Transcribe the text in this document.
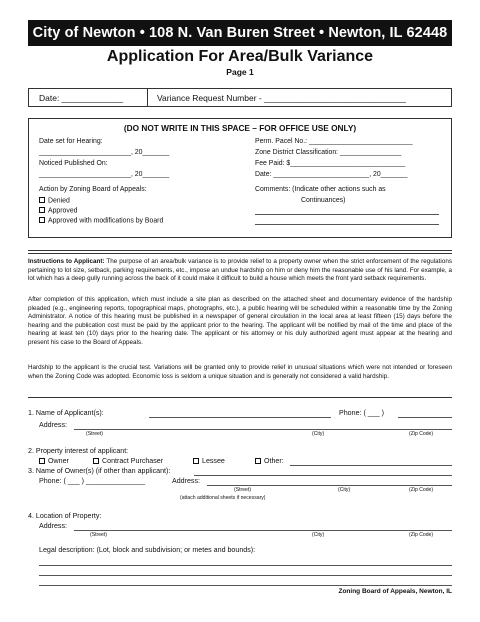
City of Newton • 108 N. Van Buren Street • Newton, IL 62448
Application For Area/Bulk Variance
Page 1
Date: _____________	Variance Request Number - ______________________________
(DO NOT WRITE IN THIS SPACE – FOR OFFICE USE ONLY)
Date set for Hearing:
________________________, 20_______
Noticed Published On:
________________________, 20_______
Action by Zoning Board of Appeals:
Denied
Approved
Approved with modifications by Board
Perm. Pacel No.: ___________________________
Zone District Classification: ________________
Fee Paid: $______________________________
Date: _________________________, 20_______
Comments: (Indicate other actions such as
Continuances)
Instructions to Applicant: The purpose of an area/bulk variance is to provide relief to a property owner when the strict enforcement of the regulations pertaining to lot size, setback, parking requirements, etc., impose an undue hardship on him or deny him the reasonable use of his land. For example, a lot which has a deep gully running across the back of it could make it difficult to build a house which meets the front yard setback requirements.
After completion of this application, which must include a site plan as described on the attached sheet and documentary evidence of the hardship pleaded (e.g., engineering reports, topographical maps, photographs, etc.), a public hearing will be scheduled within a reasonable time by the Zoning Administrator. A notice of this hearing must be published in a newspaper of general circulation in the local area at least fifteen (15) days before the hearing and the publication cost must be paid by the applicant prior to the hearing. The applicant will be notified by mail of the time and place of the hearing at least ten (10) days prior to the hearing date. The applicant or his attorney or his duly authorized agent must appear at the hearing and present his case to the Board of Appeals.
Hardship to the applicant is the crucial test. Variations will be granted only to provide relief in unusual situations which were not intended or foreseen when the Zoning Code was adopted. Economic loss is seldom a unique situation and is generally not considered a valid hardship.
1. Name of Applicant(s):	Phone: ( ___ )
Address:
(Street)	(City)	(Zip Code)
2. Property interest of applicant:
Owner	Contract Purchaser	Lessee	Other:
3. Name of Owner(s) (if other than applicant):
Phone: ( ___ ) _______________	Address:
(Street)	(City)	(Zip Code)
(attach additional sheets if necessary)
4. Location of Property:
Address:
(Street)	(City)	(Zip Code)
Legal description: (Lot, block and subdivision; or metes and bounds):
Zoning Board of Appeals, Newton, IL
